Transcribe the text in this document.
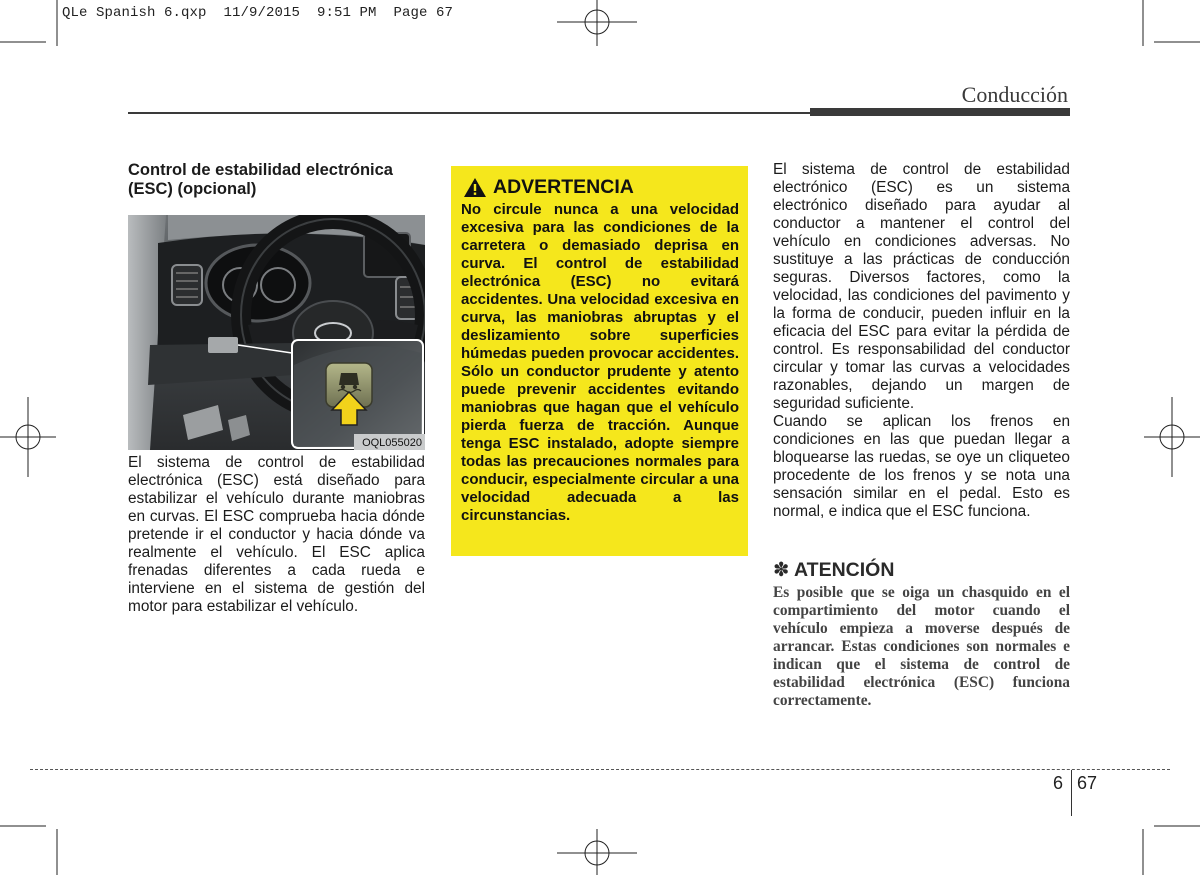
QLe Spanish 6.qxp  11/9/2015  9:51 PM  Page 67
Conducción
Control de estabilidad electrónica
(ESC) (opcional)
OQL055020
El sistema de control de estabilidad electrónica (ESC) está diseñado para estabilizar el vehículo durante maniobras en curvas. El ESC comprueba hacia dónde pretende ir el conductor y hacia dónde va realmente el vehículo. El ESC aplica frenadas diferentes a cada rueda e interviene en el sistema de gestión del motor para estabilizar el vehículo.
ADVERTENCIA
No circule nunca a una velocidad excesiva para las condiciones de la carretera o demasiado deprisa en curva. El control de estabilidad electrónica (ESC) no evitará accidentes. Una velocidad excesiva en curva, las maniobras abruptas y el deslizamiento sobre superficies húmedas pueden provocar accidentes. Sólo un conductor prudente y atento puede prevenir accidentes evitando maniobras que hagan que el vehículo pierda fuerza de tracción. Aunque tenga ESC instalado, adopte siempre todas las precauciones normales para conducir, especialmente circular a una velocidad adecuada a las circunstancias.

El sistema de control de estabilidad electrónico (ESC) es un sistema electrónico diseñado para ayudar al conductor a mantener el control del vehículo en condiciones adversas. No sustituye a las prácticas de conducción seguras. Diversos factores, como la velocidad, las condiciones del pavimento y la forma de conducir, pueden influir en la eficacia del ESC para evitar la pérdida de control. Es responsabilidad del conductor circular y tomar las curvas a velocidades razonables, dejando un margen de seguridad suficiente.

Cuando se aplican los frenos en condiciones en las que puedan llegar a bloquearse las ruedas, se oye un cliqueteo procedente de los frenos y se nota una sensación similar en el pedal. Esto es normal, e indica que el ESC funciona.

✽ ATENCIÓN
Es posible que se oiga un chasquido en el compartimiento del motor cuando el vehículo empieza a moverse después de arrancar. Estas condiciones son normales e indican que el sistema de control de estabilidad electrónica (ESC) funciona correctamente.
6 67
